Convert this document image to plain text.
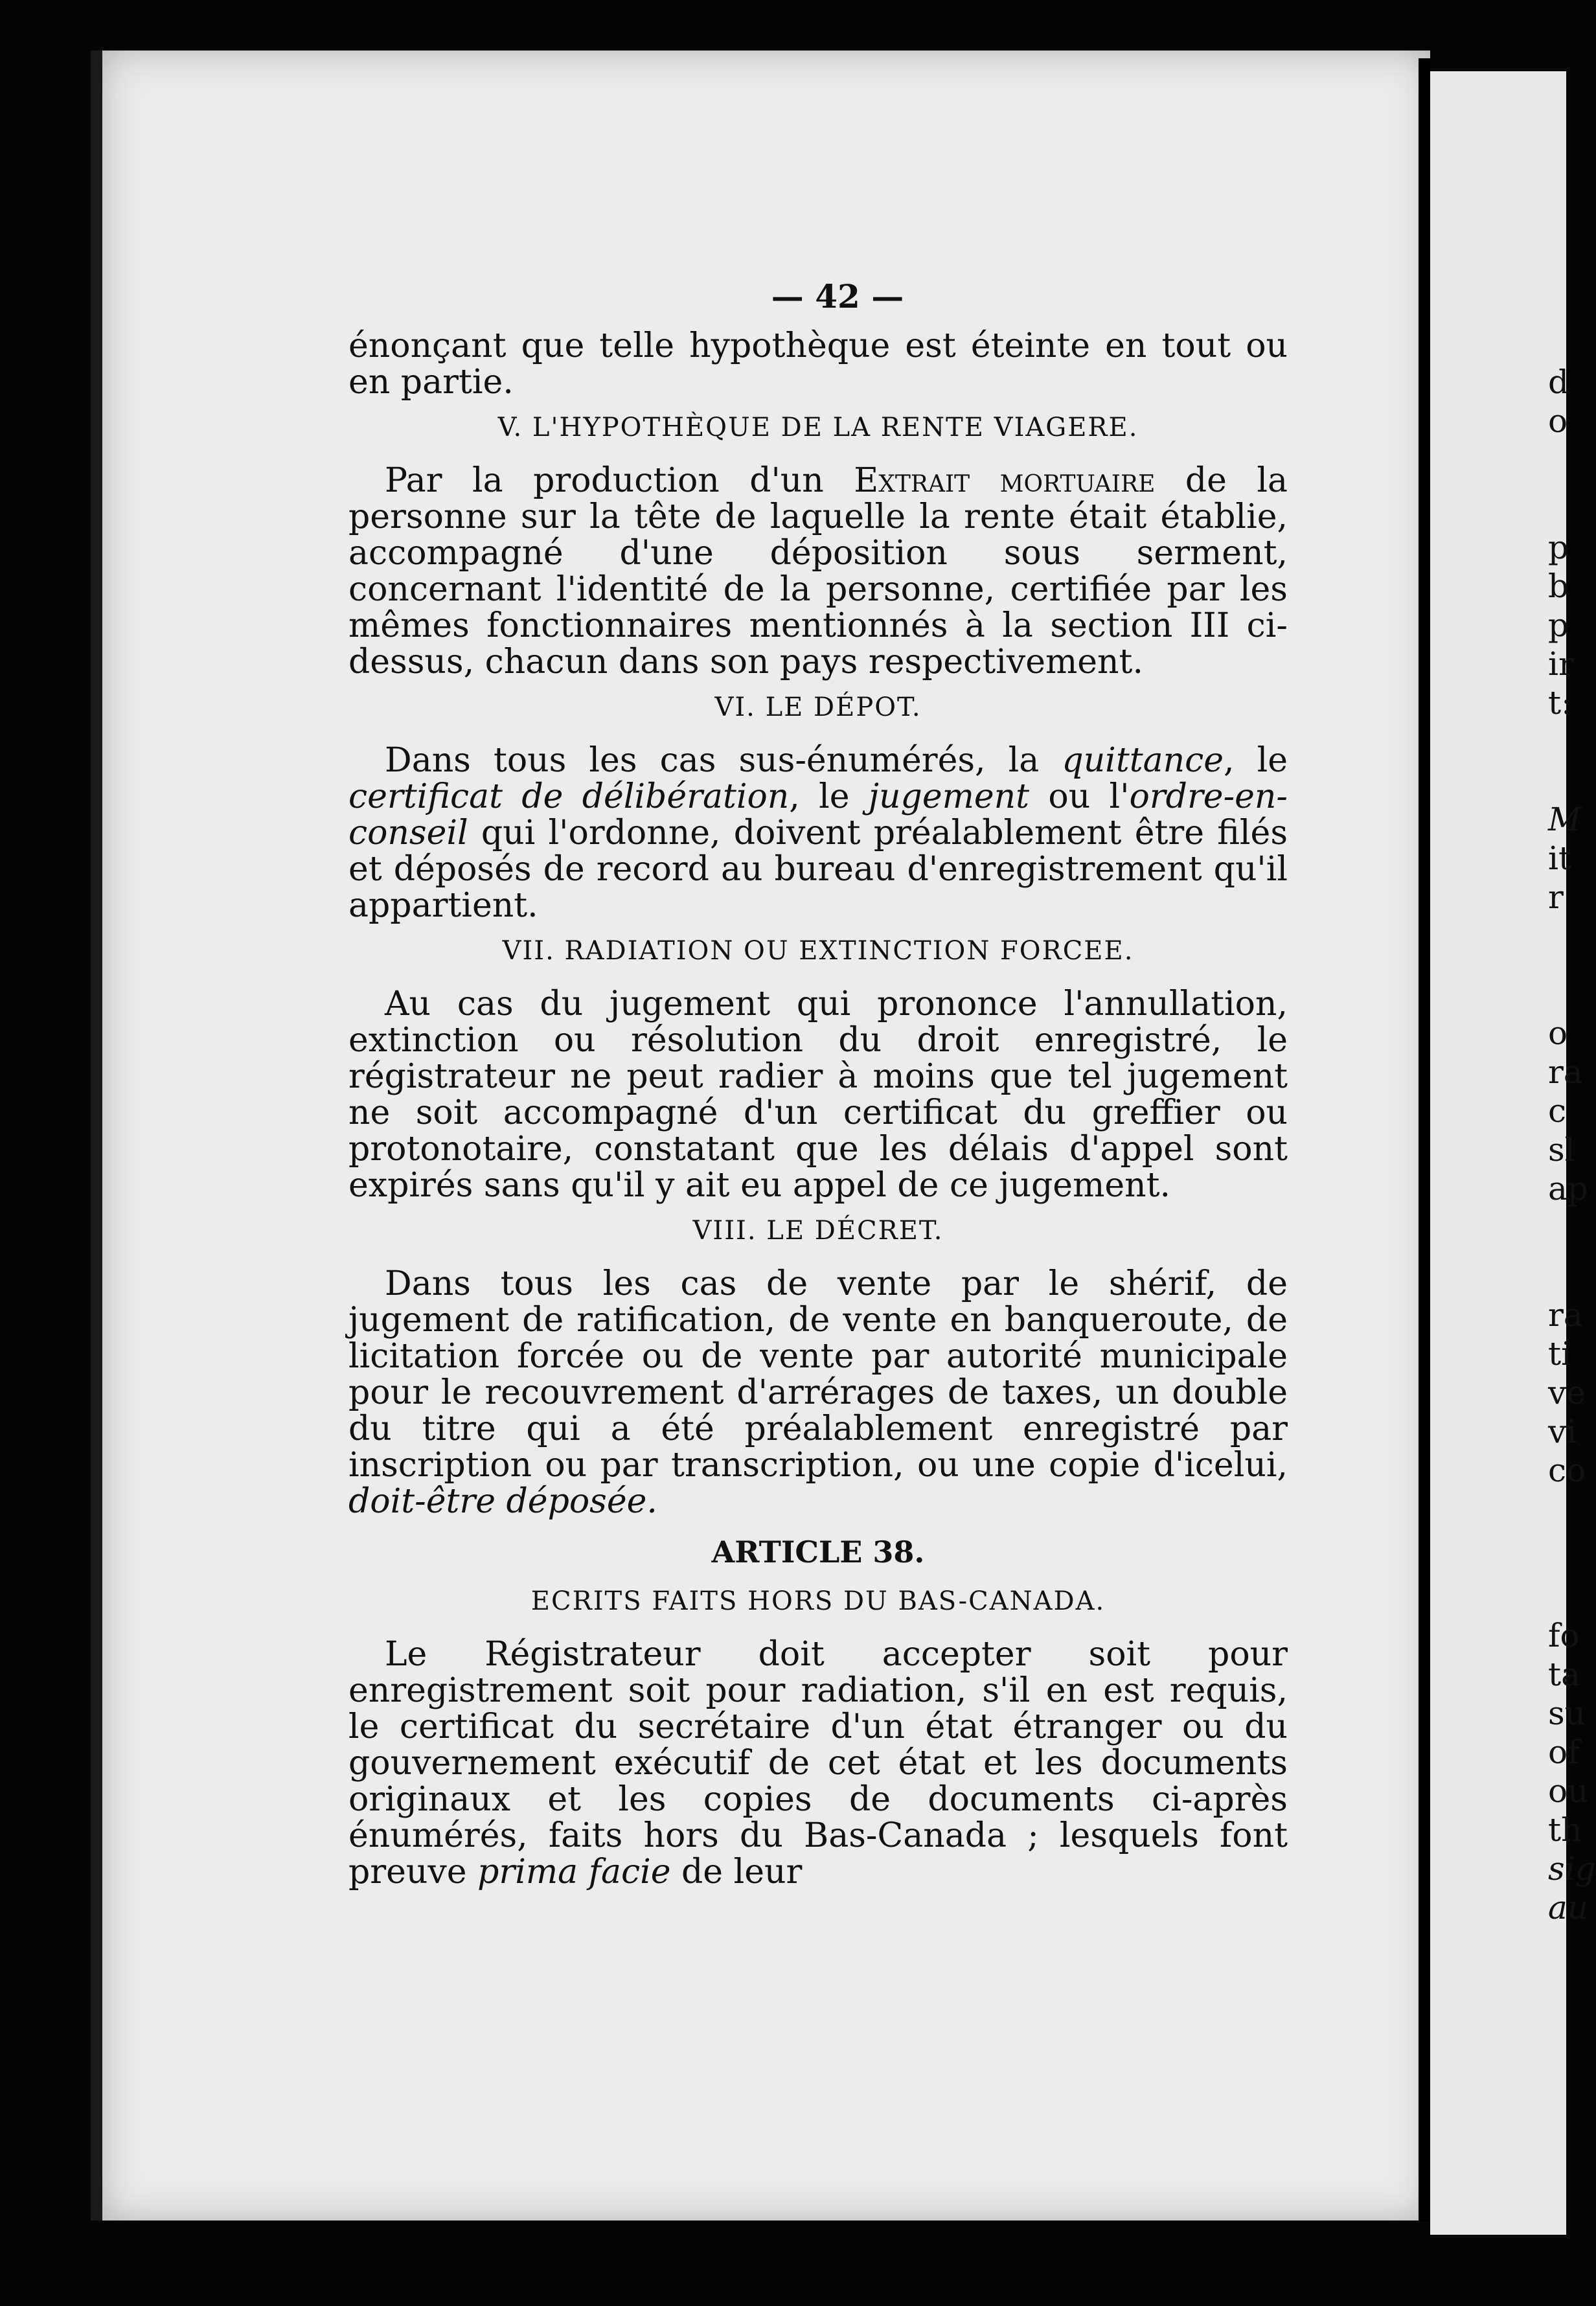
— 42 —

énonçant que telle hypothèque est éteinte en tout ou en partie.

V. L'HYPOTHÈQUE DE LA RENTE VIAGERE.

Par la production d'un Extrait mortuaire de la personne sur la tête de laquelle la rente était établie, accompagné d'une déposition sous serment, concernant l'identité de la personne, certifiée par les mêmes fonctionnaires mentionnés à la section III ci-dessus, chacun dans son pays respectivement.

VI. LE DÉPOT.

Dans tous les cas sus-énumérés, la quittance, le certificat de délibération, le jugement ou l'ordre-en-conseil qui l'ordonne, doivent préalablement être filés et déposés de record au bureau d'enregistrement qu'il appartient.

VII. RADIATION OU EXTINCTION FORCEE.

Au cas du jugement qui prononce l'annullation, extinction ou résolution du droit enregistré, le régistrateur ne peut radier à moins que tel jugement ne soit accompagné d'un certificat du greffier ou protonotaire, constatant que les délais d'appel sont expirés sans qu'il y ait eu appel de ce jugement.

VIII. LE DÉCRET.

Dans tous les cas de vente par le shérif, de jugement de ratification, de vente en banqueroute, de licitation forcée ou de vente par autorité municipale pour le recouvrement d'arrérages de taxes, un double du titre qui a été préalablement enregistré par inscription ou par transcription, ou une copie d'icelui, doit-être déposée.

ARTICLE 38.
ECRITS FAITS HORS DU BAS-CANADA.

Le Régistrateur doit accepter soit pour enregistrement soit pour radiation, s'il en est requis, le certificat du secrétaire d'un état étranger ou du gouvernement exécutif de cet état et les documents originaux et les copies de documents ci-après énumérés, faits hors du Bas-Canada ; lesquels font preuve prima facie de leur

d
o
p
b
p
ir
t:
M
it
r
o
ra
c
sl
ap
ra
ti
ve
vi
co
fo
ta
su
of
ou
th
sig
au
